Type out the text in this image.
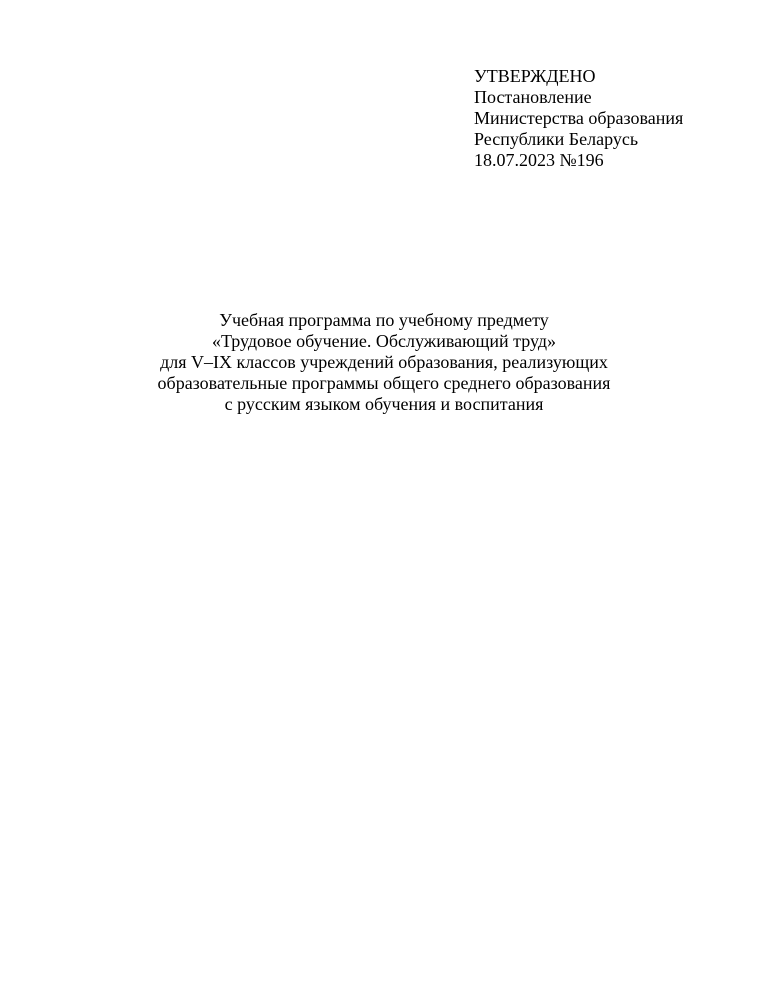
УТВЕРЖДЕНО
Постановление
Министерства образования
Республики Беларусь
18.07.2023 №196
Учебная программа по учебному предмету
«Трудовое обучение. Обслуживающий труд»
для V–IX классов учреждений образования, реализующих
образовательные программы общего среднего образования
с русским языком обучения и воспитания
